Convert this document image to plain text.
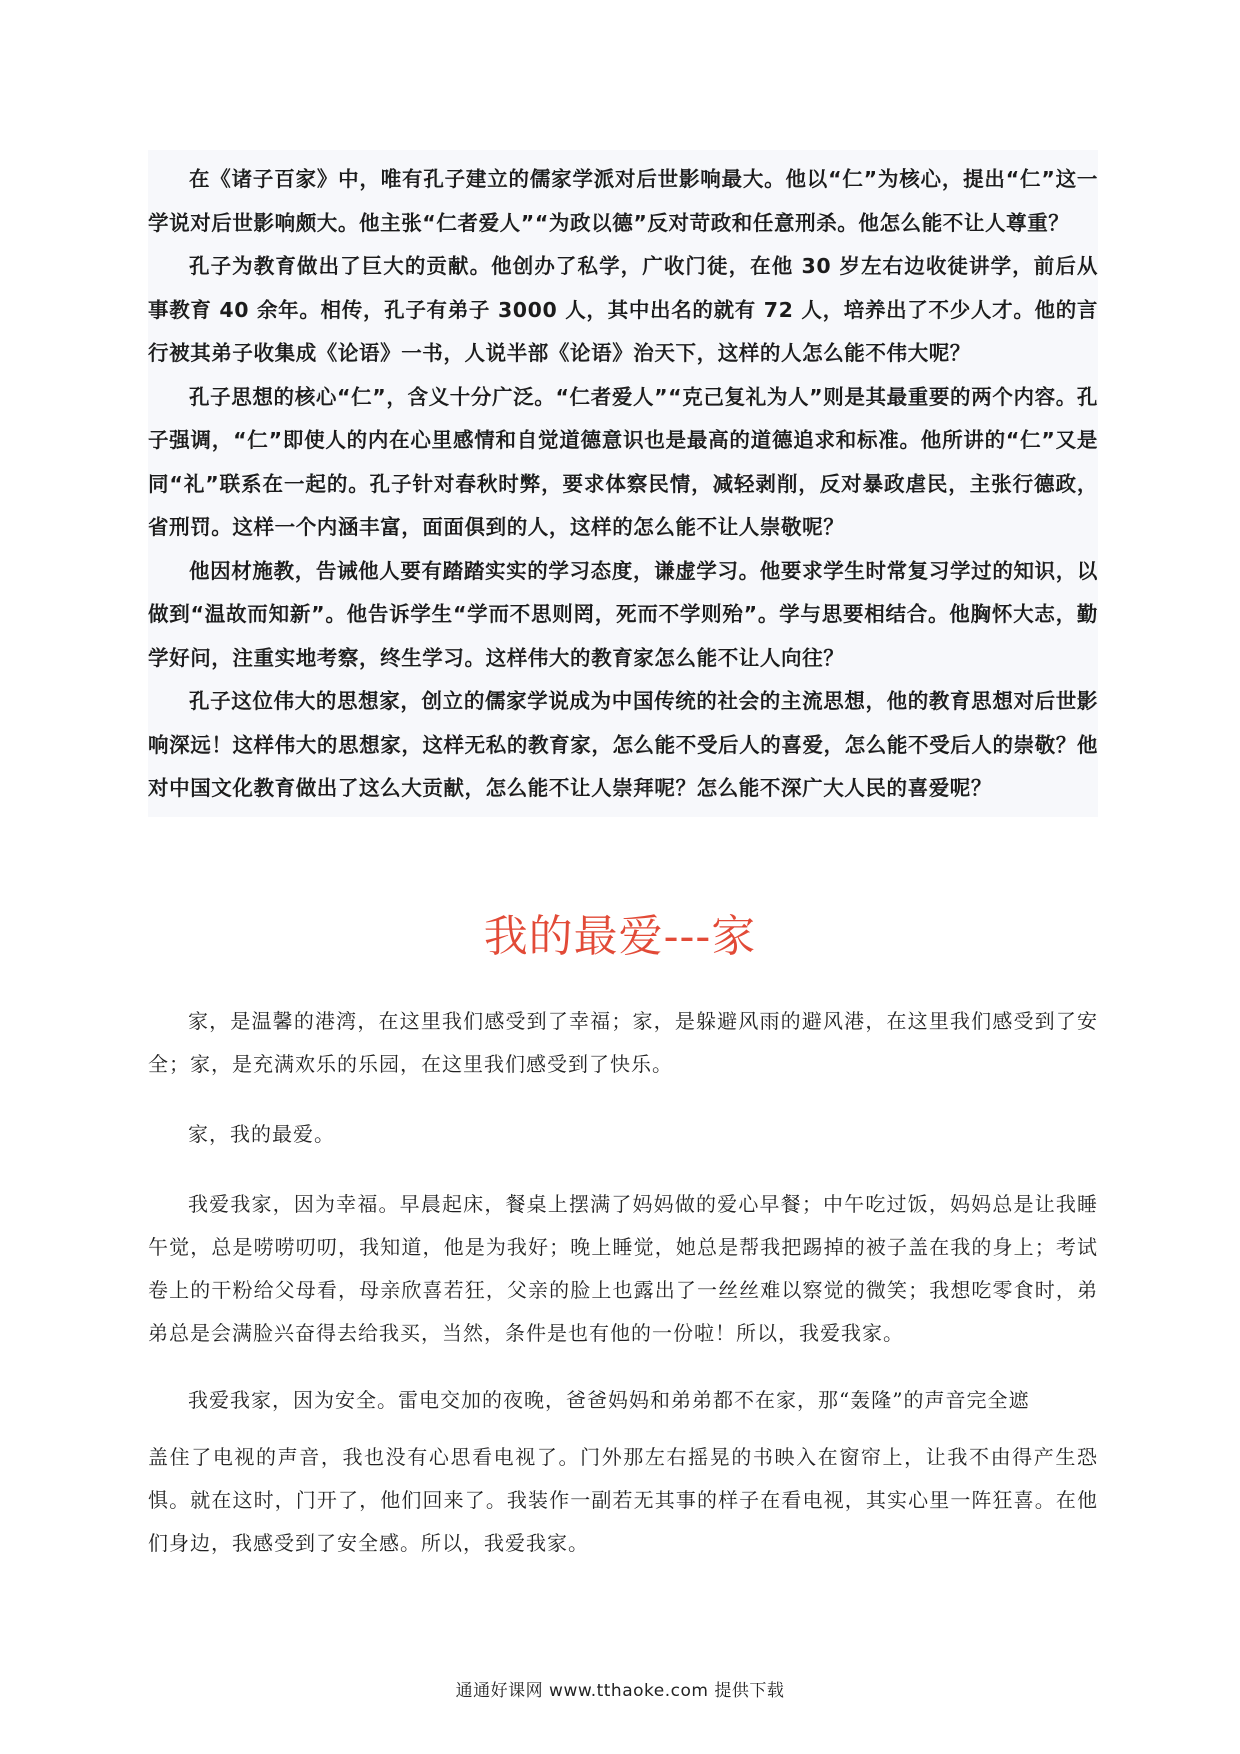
在《诸子百家》中，唯有孔子建立的儒家学派对后世影响最大。他以“仁”为核心，提出“仁”这一学说对后世影响颇大。他主张“仁者爱人”“为政以德”反对苛政和任意刑杀。他怎么能不让人尊重？

孔子为教育做出了巨大的贡献。他创办了私学，广收门徒，在他 30 岁左右边收徒讲学，前后从事教育 40 余年。相传，孔子有弟子 3000 人，其中出名的就有 72 人，培养出了不少人才。他的言行被其弟子收集成《论语》一书，人说半部《论语》治天下，这样的人怎么能不伟大呢？

孔子思想的核心“仁”，含义十分广泛。“仁者爱人”“克己复礼为人”则是其最重要的两个内容。孔子强调，“仁”即使人的内在心里感情和自觉道德意识也是最高的道德追求和标准。他所讲的“仁”又是同“礼”联系在一起的。孔子针对春秋时弊，要求体察民情，减轻剥削，反对暴政虐民，主张行德政，省刑罚。这样一个内涵丰富，面面俱到的人，这样的怎么能不让人崇敬呢？

他因材施教，告诫他人要有踏踏实实的学习态度，谦虚学习。他要求学生时常复习学过的知识，以做到“温故而知新”。他告诉学生“学而不思则罔，死而不学则殆”。学与思要相结合。他胸怀大志，勤学好问，注重实地考察，终生学习。这样伟大的教育家怎么能不让人向往？

孔子这位伟大的思想家，创立的儒家学说成为中国传统的社会的主流思想，他的教育思想对后世影响深远！这样伟大的思想家，这样无私的教育家，怎么能不受后人的喜爱，怎么能不受后人的崇敬？他对中国文化教育做出了这么大贡献，怎么能不让人崇拜呢？怎么能不深广大人民的喜爱呢？

我的最爱---家

家，是温馨的港湾，在这里我们感受到了幸福；家，是躲避风雨的避风港，在这里我们感受到了安全；家，是充满欢乐的乐园，在这里我们感受到了快乐。

家，我的最爱。

我爱我家，因为幸福。早晨起床，餐桌上摆满了妈妈做的爱心早餐；中午吃过饭，妈妈总是让我睡午觉，总是唠唠叨叨，我知道，他是为我好；晚上睡觉，她总是帮我把踢掉的被子盖在我的身上；考试卷上的干粉给父母看，母亲欣喜若狂，父亲的脸上也露出了一丝丝难以察觉的微笑；我想吃零食时，弟弟总是会满脸兴奋得去给我买，当然，条件是也有他的一份啦！所以，我爱我家。

我爱我家，因为安全。雷电交加的夜晚，爸爸妈妈和弟弟都不在家，那“轰隆”的声音完全遮
盖住了电视的声音，我也没有心思看电视了。门外那左右摇晃的书映入在窗帘上，让我不由得产生恐惧。就在这时，门开了，他们回来了。我装作一副若无其事的样子在看电视，其实心里一阵狂喜。在他们身边，我感受到了安全感。所以，我爱我家。

通通好课网 www.tthaoke.com 提供下载
